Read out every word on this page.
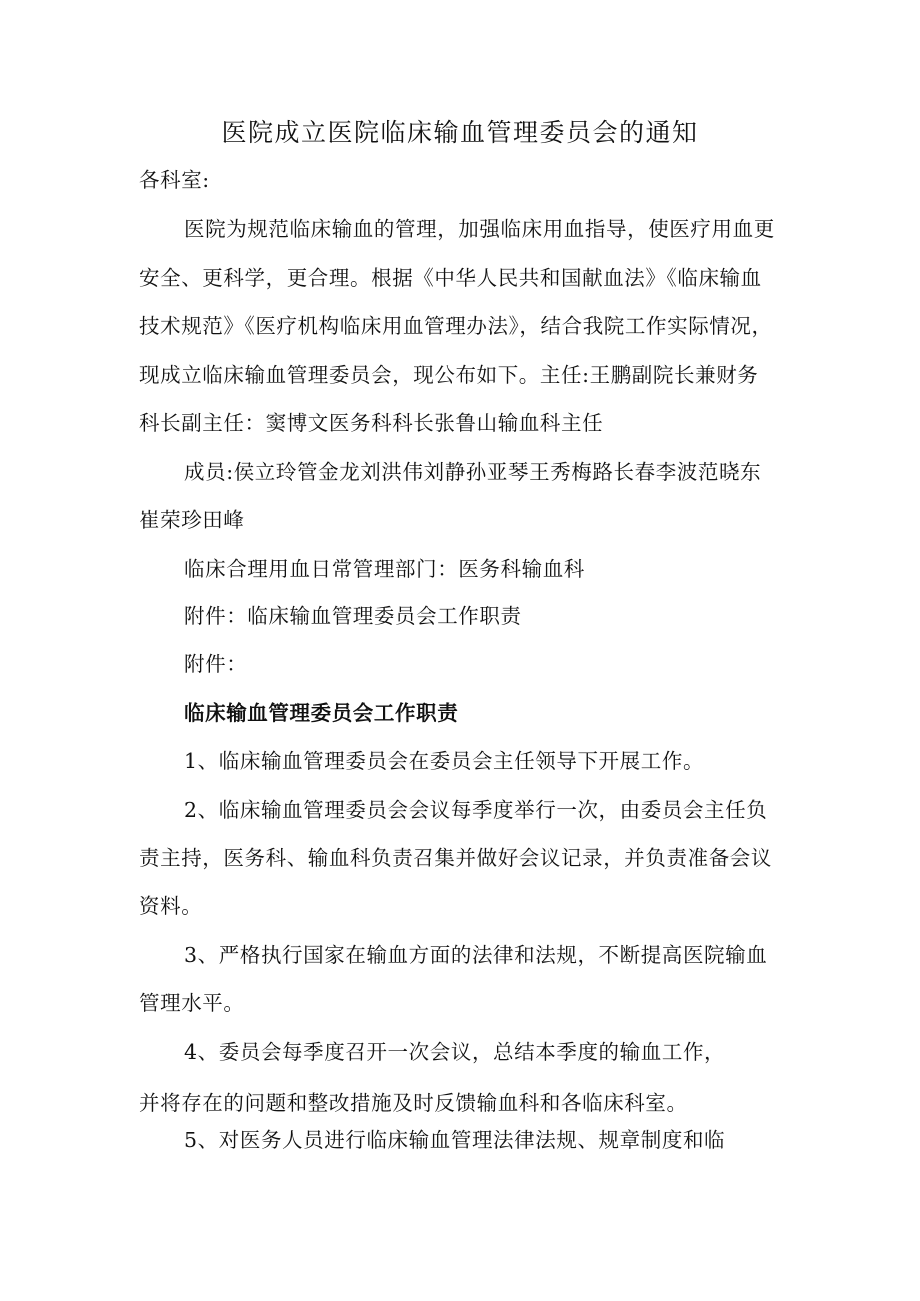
医院成立医院临床输血管理委员会的通知
各科室:
医院为规范临床输血的管理，加强临床用血指导，使医疗用血更
安全、更科学，更合理。根据《中华人民共和国献血法》《临床输血
技术规范》《医疗机构临床用血管理办法》，结合我院工作实际情况，
现成立临床输血管理委员会，现公布如下。主任:王鹏副院长兼财务
科长副主任：窦博文医务科科长张鲁山输血科主任
成员:侯立玲管金龙刘洪伟刘静孙亚琴王秀梅路长春李波范晓东
崔荣珍田峰
临床合理用血日常管理部门：医务科输血科
附件：临床输血管理委员会工作职责
附件：
临床输血管理委员会工作职责
1、临床输血管理委员会在委员会主任领导下开展工作。
2、临床输血管理委员会会议每季度举行一次，由委员会主任负
责主持，医务科、输血科负责召集并做好会议记录，并负责准备会议
资料。
3、严格执行国家在输血方面的法律和法规，不断提高医院输血
管理水平。
4、委员会每季度召开一次会议，总结本季度的输血工作，
并将存在的问题和整改措施及时反馈输血科和各临床科室。
5、对医务人员进行临床输血管理法律法规、规章制度和临
